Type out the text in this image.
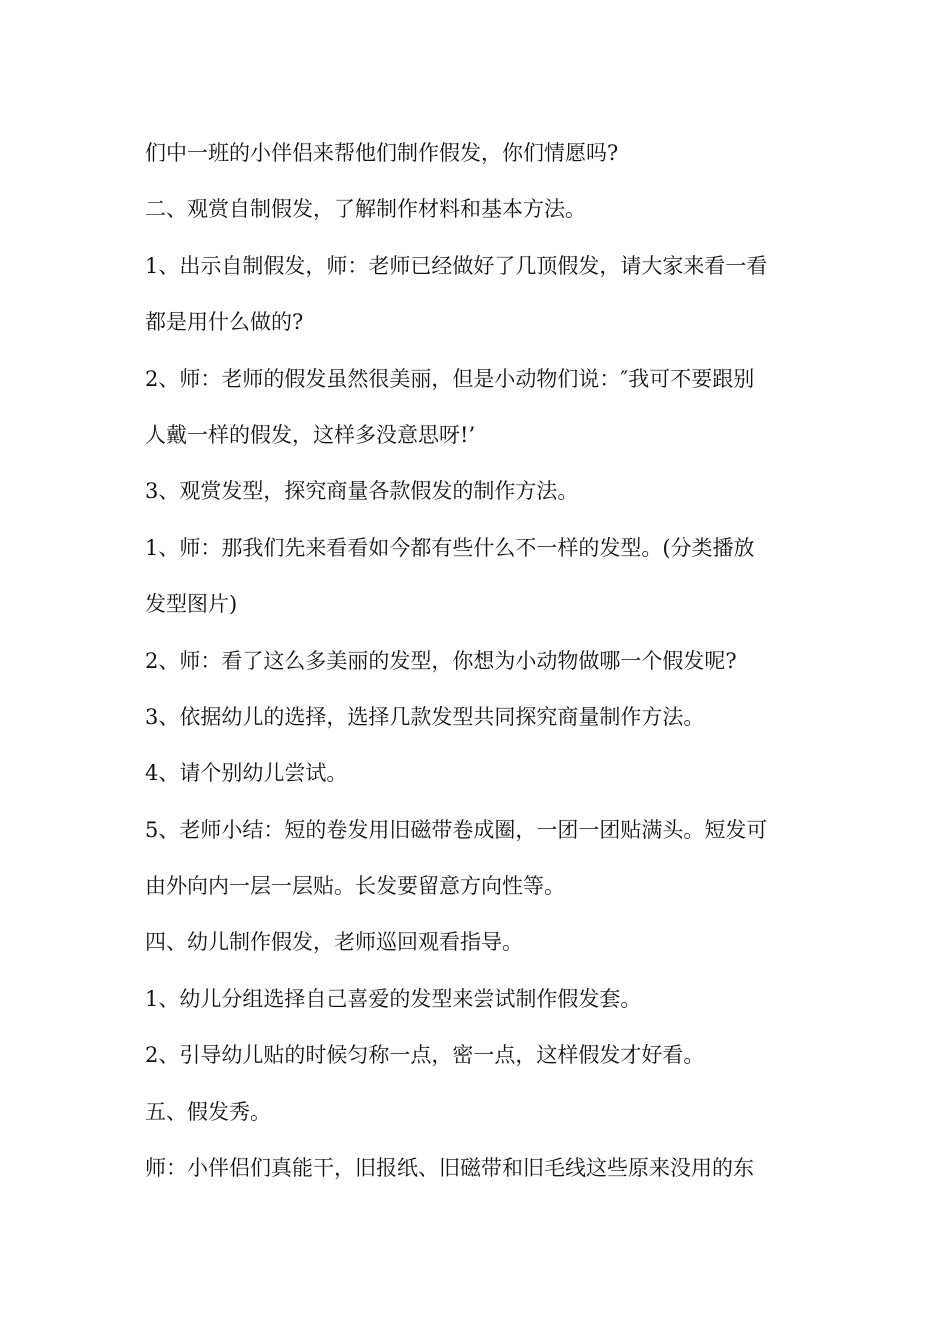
们中一班的小伴侣来帮他们制作假发，你们情愿吗?
二、观赏自制假发，了解制作材料和基本方法。
1、出示自制假发，师：老师已经做好了几顶假发，请大家来看一看
都是用什么做的?
2、师：老师的假发虽然很美丽，但是小动物们说：″我可不要跟别
人戴一样的假发，这样多没意思呀!’
3、观赏发型，探究商量各款假发的制作方法。
1、师：那我们先来看看如今都有些什么不一样的发型。(分类播放
发型图片)
2、师：看了这么多美丽的发型，你想为小动物做哪一个假发呢?
3、依据幼儿的选择，选择几款发型共同探究商量制作方法。
4、请个别幼儿尝试。
5、老师小结：短的卷发用旧磁带卷成圈，一团一团贴满头。短发可
由外向内一层一层贴。长发要留意方向性等。
四、幼儿制作假发，老师巡回观看指导。
1、幼儿分组选择自己喜爱的发型来尝试制作假发套。
2、引导幼儿贴的时候匀称一点，密一点，这样假发才好看。
五、假发秀。
师：小伴侣们真能干，旧报纸、旧磁带和旧毛线这些原来没用的东
